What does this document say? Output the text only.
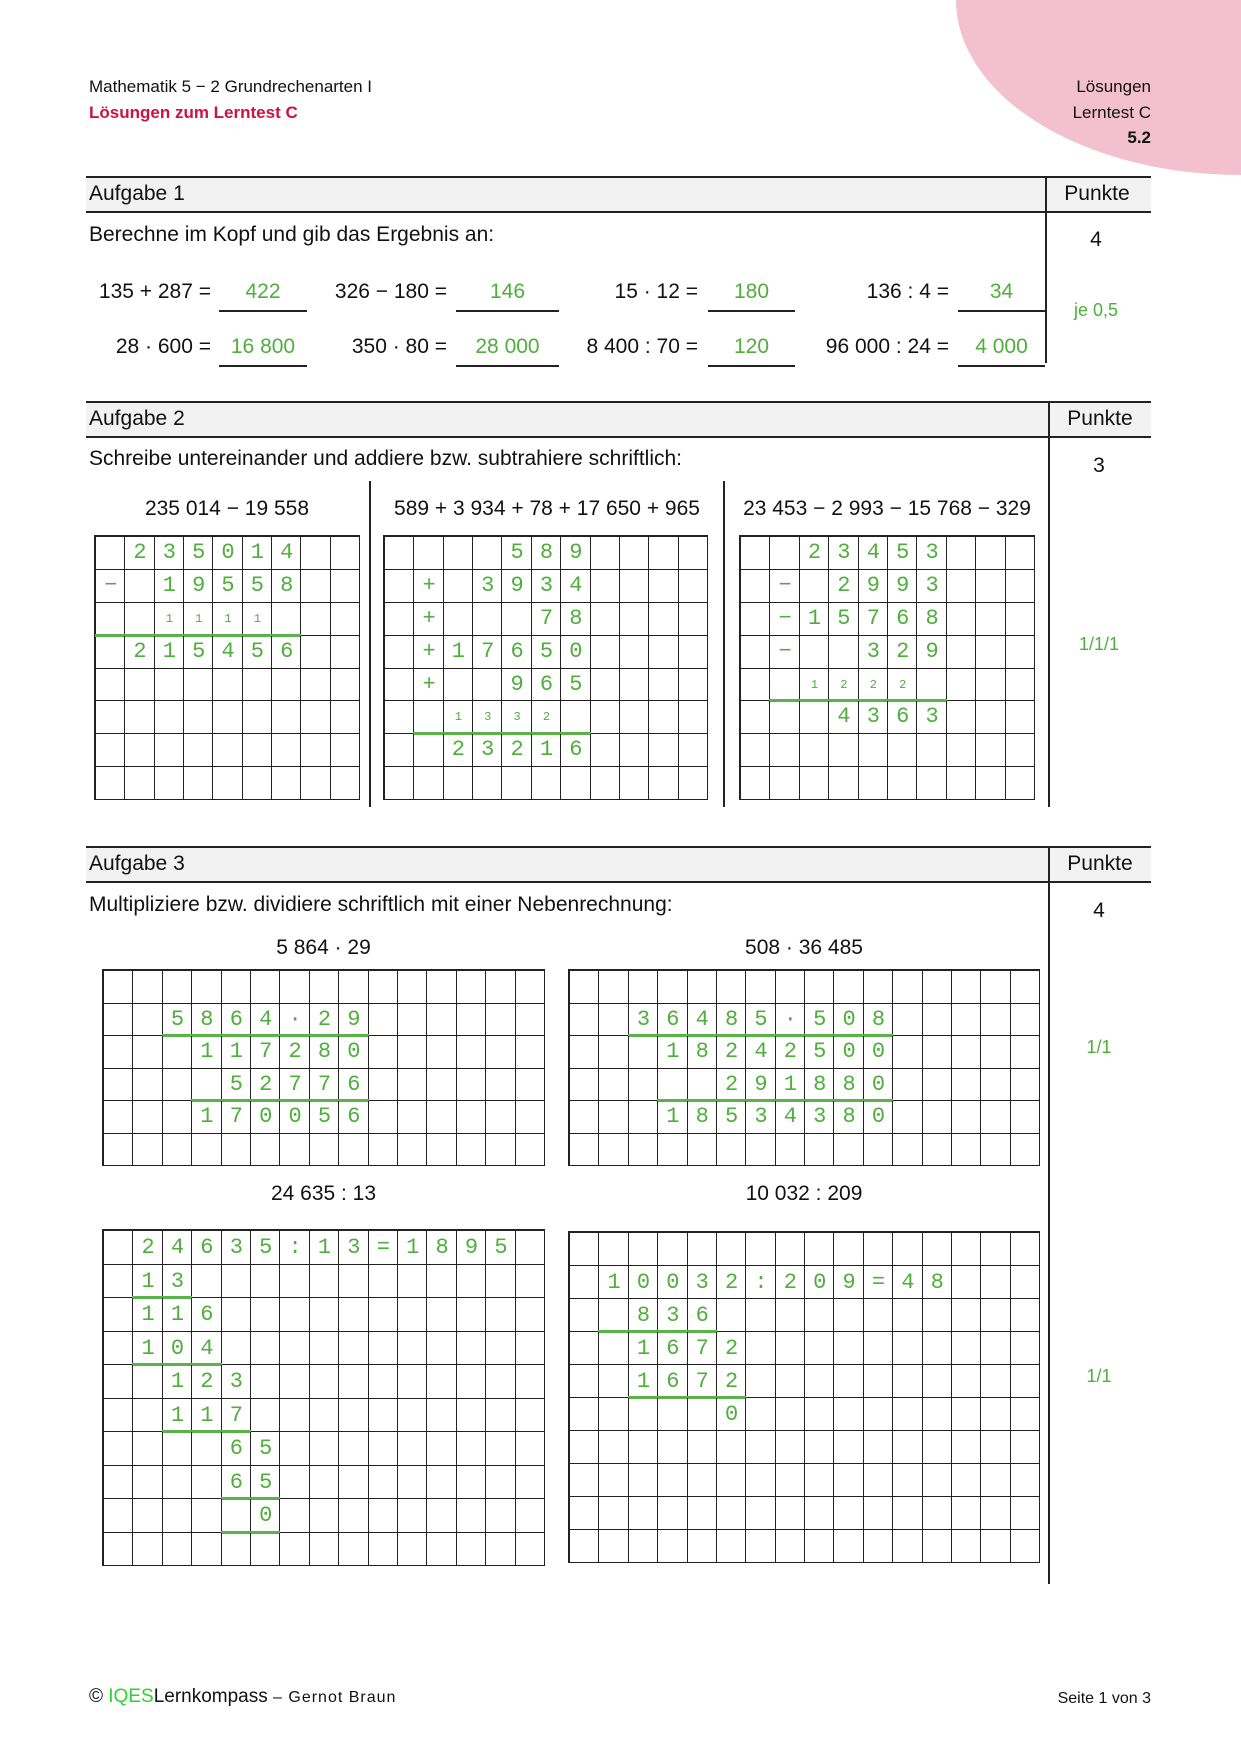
Mathematik 5 − 2 Grundrechenarten I
Lösungen zum Lerntest C
Lösungen
Lerntest C
5.2
Aufgabe 1	Punkte
Berechne im Kopf und gib das Ergebnis an:	4
je 0,5
135 + 287 =	422	326 − 180 =	146	15 · 12 =	180	136 : 4 =	34
28 · 600 = 16 800	350 · 80 =	28 000	8 400 : 70 =	120	96 000 : 24 =	4 000
Aufgabe 2	Punkte
Schreibe untereinander und addiere bzw. subtrahiere schriftlich:	3
1/1/1
235 014 − 19 558	589 + 3 934 + 78 + 17 650 + 965	23 453 − 2 993 − 15 768 − 329
235014
− 19558
1111
215456
589
+ 3934
+   78
+17650
+  965
1332
23216
23453
− 2993
−15768
−  329
1222
4363
Aufgabe 3	Punkte
Multipliziere bzw. dividiere schriftlich mit einer Nebenrechnung:	4
1/1
1/1
5 864 · 29	508 · 36 485
24 635 : 13	10 032 : 209
5864·29
117280
52776
170056
36485·508
18242500
291880
18534380
24635:13=1895
13
116
104
123
117
65
65
0
10032:209=48
836
1672
1672
0
© IQESLernkompass – Gernot Braun	Seite 1 von 3
